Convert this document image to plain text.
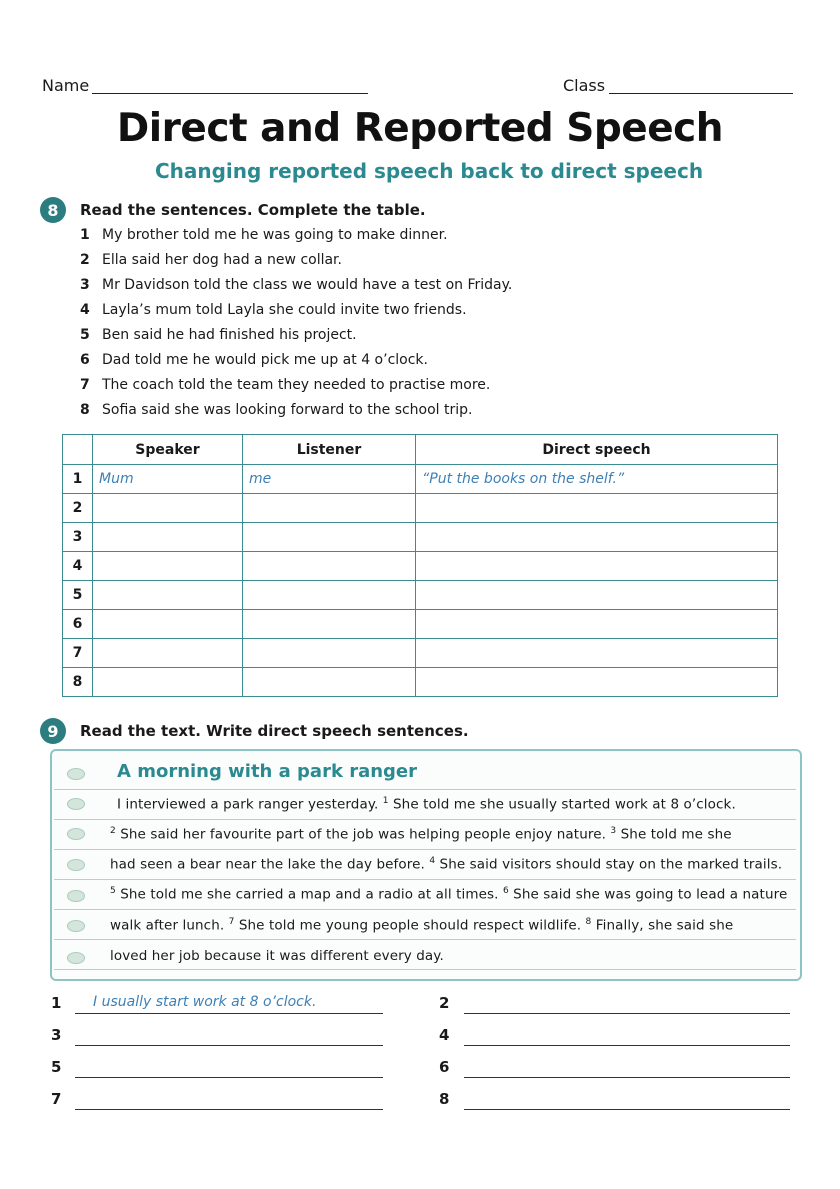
Name	Class
Direct and Reported Speech
Changing reported speech back to direct speech
8	Read the sentences. Complete the table.
1 My brother told me he was going to make dinner.
2 Ella said her dog had a new collar.
3 Mr Davidson told the class we would have a test on Friday.
4 Layla’s mum told Layla she could invite two friends.
5 Ben said he had finished his project.
6 Dad told me he would pick me up at 4 o’clock.
7 The coach told the team they needed to practise more.
8 Sofia said she was looking forward to the school trip.
	Speaker	Listener	Direct speech
1	Mum	me	“Put the books on the shelf.”
2			
3			
4			
5			
6			
7			
8			
9	Read the text. Write direct speech sentences.
A morning with a park ranger
I interviewed a park ranger yesterday. $^1$ She told me she usually started work at 8 o’clock.
$^2$ She said her favourite part of the job was helping people enjoy nature. $^3$ She told me she
had seen a bear near the lake the day before. $^4$ She said visitors should stay on the marked trails.
$^5$ She told me she carried a map and a radio at all times. $^6$ She said she was going to lead a nature
walk after lunch. $^7$ She told me young people should respect wildlife. $^8$ Finally, she said she
loved her job because it was different every day.
1 I usually start work at 8 o’clock.	2
3	4
5	6
7	8
